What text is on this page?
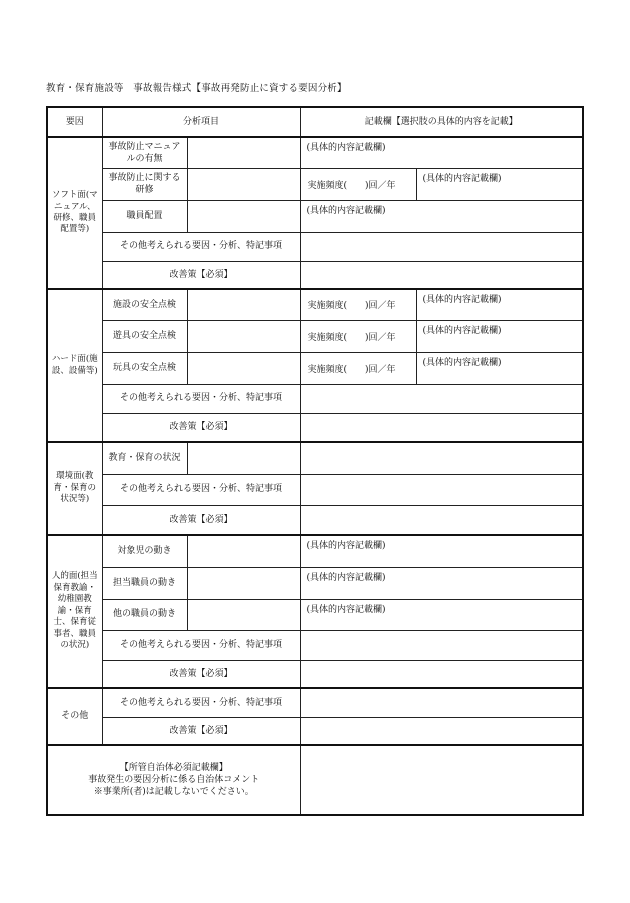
教育・保育施設等　事故報告様式【事故再発防止に資する要因分析】
要因	分析項目		記載欄【選択肢の具体的内容を記載】	
ソフト面(マニュアル、研修、職員配置等)	事故防止マニュアルの有無		(具体的内容記載欄)	
	事故防止に関する研修		実施頻度(　　)回／年	(具体的内容記載欄)
	職員配置		(具体的内容記載欄)	
	その他考えられる要因・分析、特記事項			
	改善策【必須】			
ハード面(施設、設備等)	施設の安全点検		実施頻度(　　)回／年	(具体的内容記載欄)
	遊具の安全点検		実施頻度(　　)回／年	(具体的内容記載欄)
	玩具の安全点検		実施頻度(　　)回／年	(具体的内容記載欄)
	その他考えられる要因・分析、特記事項			
	改善策【必須】			
環境面(教育・保育の状況等)	教育・保育の状況			
	その他考えられる要因・分析、特記事項			
	改善策【必須】			
人的面(担当保育教諭・幼稚園教諭・保育士、保育従事者、職員の状況)	対象児の動き		(具体的内容記載欄)	
	担当職員の動き		(具体的内容記載欄)	
	他の職員の動き		(具体的内容記載欄)	
	その他考えられる要因・分析、特記事項			
	改善策【必須】			
その他	その他考えられる要因・分析、特記事項			
	改善策【必須】			

【所管自治体必須記載欄】
事故発生の要因分析に係る自治体コメント
※事業所(者)は記載しないでください。				
